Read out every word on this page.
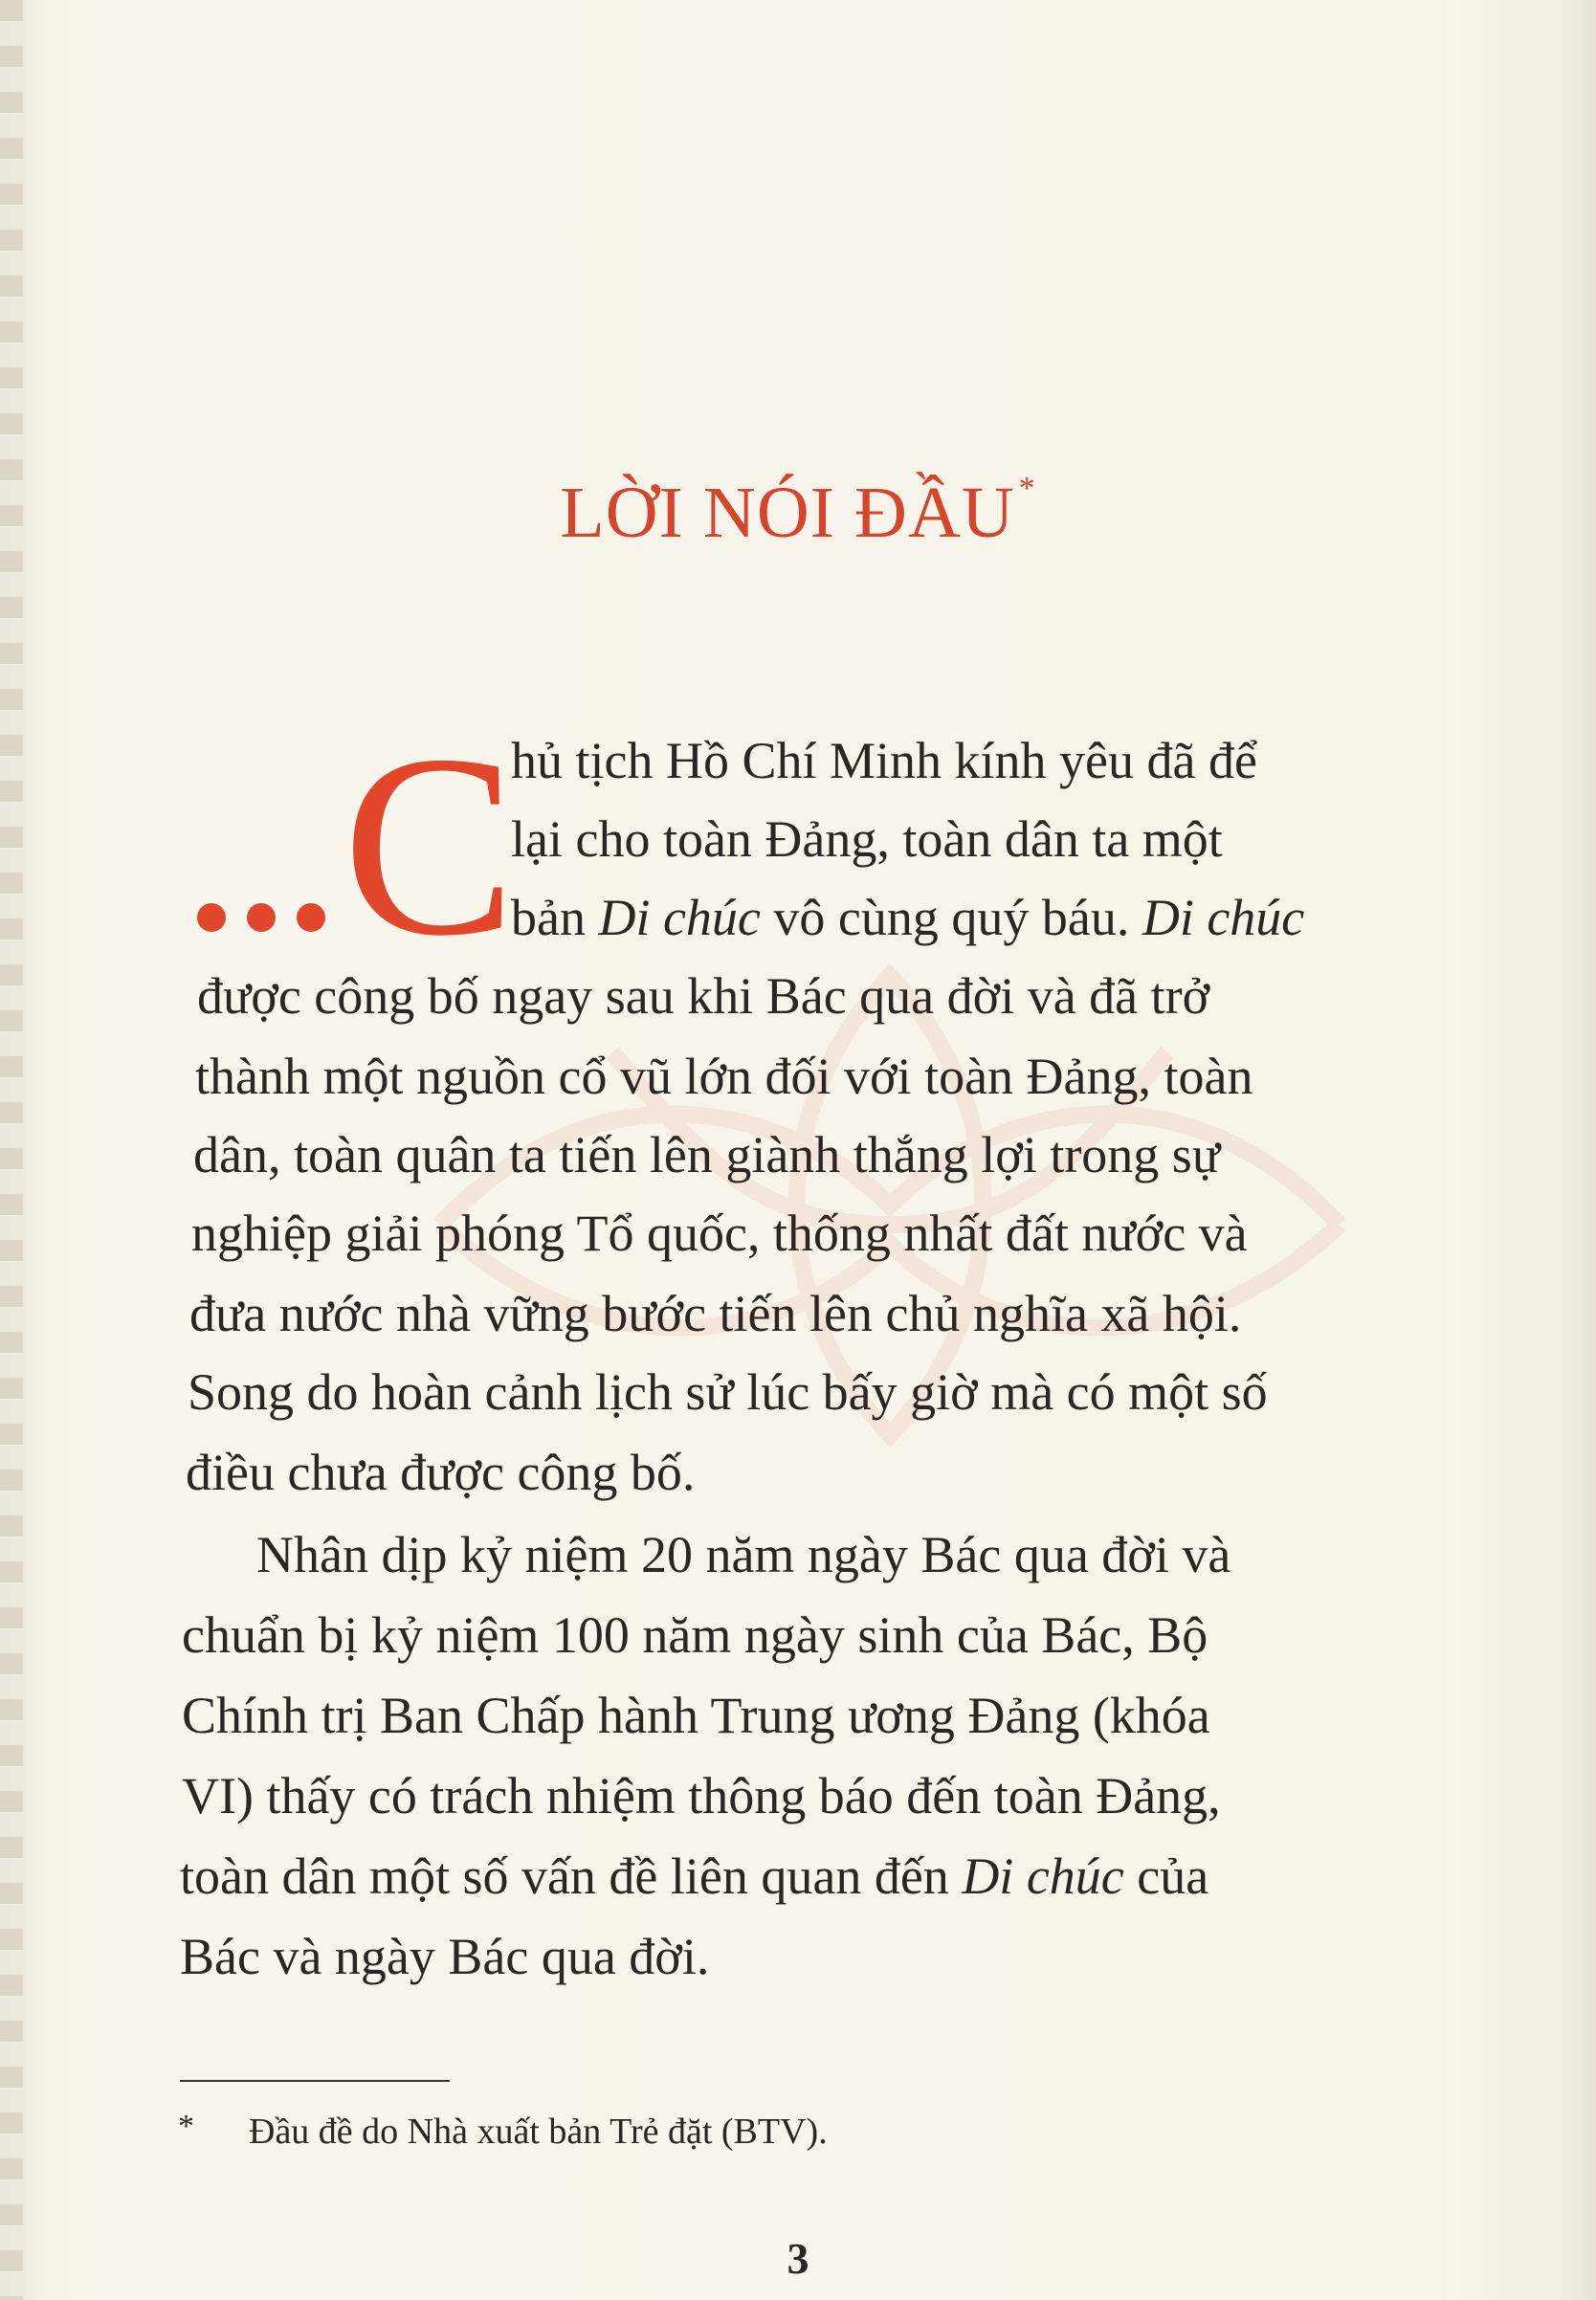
LỜI NÓI ĐẦU *
C
hủ tịch Hồ Chí Minh kính yêu đã để
lại cho toàn Đảng, toàn dân ta một
bản Di chúc vô cùng quý báu. Di chúc
được công bố ngay sau khi Bác qua đời và đã trở
thành một nguồn cổ vũ lớn đối với toàn Đảng, toàn
dân, toàn quân ta tiến lên giành thắng lợi trong sự
nghiệp giải phóng Tổ quốc, thống nhất đất nước và
đưa nước nhà vững bước tiến lên chủ nghĩa xã hội.
Song do hoàn cảnh lịch sử lúc bấy giờ mà có một số
điều chưa được công bố.
Nhân dịp kỷ niệm 20 năm ngày Bác qua đời và
chuẩn bị kỷ niệm 100 năm ngày sinh của Bác, Bộ
Chính trị Ban Chấp hành Trung ương Đảng (khóa
VI) thấy có trách nhiệm thông báo đến toàn Đảng,
toàn dân một số vấn đề liên quan đến Di chúc của
Bác và ngày Bác qua đời.
* Đầu đề do Nhà xuất bản Trẻ đặt (BTV).
3
